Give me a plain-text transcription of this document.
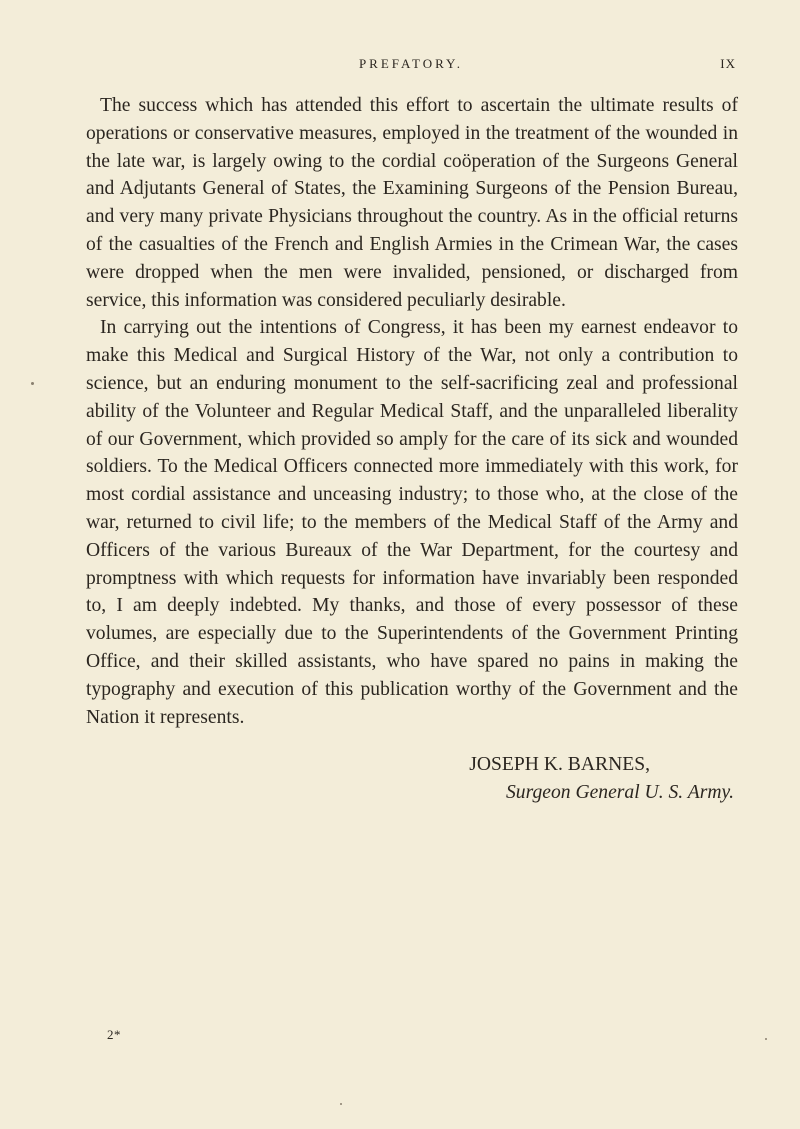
PREFATORY.	IX

The success which has attended this effort to ascertain the ultimate results of operations or conservative measures, employed in the treatment of the wounded in the late war, is largely owing to the cordial coöperation of the Surgeons General and Adjutants General of States, the Examining Surgeons of the Pension Bureau, and very many private Physicians throughout the country. As in the official returns of the casualties of the French and English Armies in the Crimean War, the cases were dropped when the men were invalided, pensioned, or discharged from service, this information was considered peculiarly desirable.

In carrying out the intentions of Congress, it has been my earnest endeavor to make this Medical and Surgical History of the War, not only a contribution to science, but an enduring monument to the self-sacrificing zeal and professional ability of the Volunteer and Regular Medical Staff, and the unparalleled liberality of our Government, which provided so amply for the care of its sick and wounded soldiers. To the Medical Officers connected more immediately with this work, for most cordial assistance and unceasing industry; to those who, at the close of the war, returned to civil life; to the members of the Medical Staff of the Army and Officers of the various Bureaux of the War Department, for the courtesy and promptness with which requests for information have invariably been responded to, I am deeply indebted. My thanks, and those of every possessor of these volumes, are especially due to the Superintendents of the Government Printing Office, and their skilled assistants, who have spared no pains in making the typography and execution of this publication worthy of the Government and the Nation it represents.

JOSEPH K. BARNES,
Surgeon General U. S. Army.
2*
